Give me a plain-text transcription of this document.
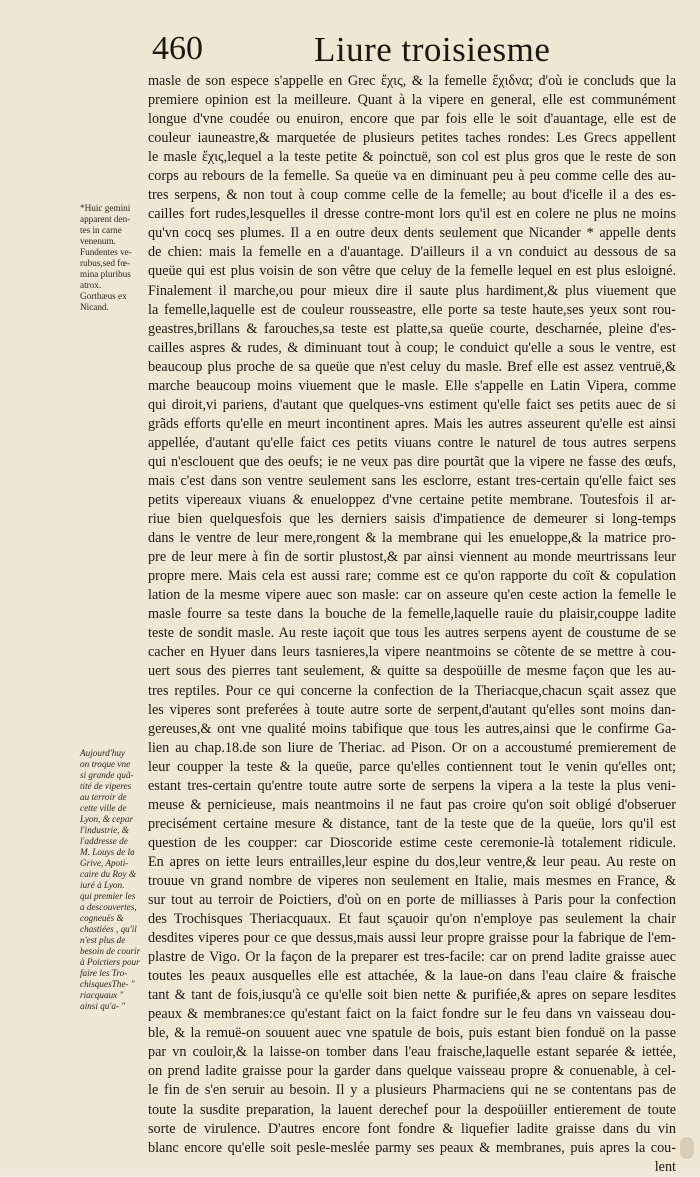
460	Liure troisiesme
*Huic gemini
apparent den-
tes in carne
venenum.
Fundentes ve-
rubus,sed fœ-
mina pluribus
atrox.
Gorthæus ex
Nicand.
Aujourd'huy
on troque vne
si grande quã-
tité de viperes
au terroir de
cette ville de
Lyon, & cepar
l'industrie, &
l'addresse de
M. Louys de la
Grive, Apoti-
caire du Roy &
iuré à Lyon.
qui premier les
a descouvertes,
cogneuës &
chastiées , qu'il
n'est plus de
besoin de courir
à Poictiers pour
faire les Tro-
chisquesThe- "
riacquaux "
ainsi qu'a- "

masle de son espece s'appelle en Grec ἔχις, & la femelle ἔχιδνα; d'où ie concluds que la
premiere opinion est la meilleure. Quant à la vipere en general, elle est communément
longue d'vne coudée ou enuiron, encore que par fois elle le soit d'auantage, elle est de
couleur iauneastre,& marquetée de plusieurs petites taches rondes: Les Grecs appellent
le masle ἔχις,lequel a la teste petite & poinctuë, son col est plus gros que le reste de son
corps au rebours de la femelle. Sa queüe va en diminuant peu à peu comme celle des au-
tres serpens, & non tout à coup comme celle de la femelle; au bout d'icelle il a des es-
cailles fort rudes,lesquelles il dresse contre-mont lors qu'il est en colere ne plus ne moins
qu'vn cocq ses plumes. Il a en outre deux dents seulement que Nicander * appelle dents
de chien: mais la femelle en a d'auantage. D'ailleurs il a vn conduict au dessous de sa
queüe qui est plus voisin de son vêtre que celuy de la femelle lequel en est plus esloigné.
Finalement il marche,ou pour mieux dire il saute plus hardiment,& plus viuement que
la femelle,laquelle est de couleur rousseastre, elle porte sa teste haute,ses yeux sont rou-
geastres,brillans & farouches,sa teste est platte,sa queüe courte, descharnée, pleine d'es-
cailles aspres & rudes, & diminuant tout à coup; le conduict qu'elle a sous le ventre, est
beaucoup plus proche de sa queüe que n'est celuy du masle. Bref elle est assez ventruë,&
marche beaucoup moins viuement que le masle. Elle s'appelle en Latin Vipera, comme
qui diroit,vi pariens, d'autant que quelques-vns estiment qu'elle faict ses petits auec de si
grãds efforts qu'elle en meurt incontinent apres. Mais les autres asseurent qu'elle est ainsi
appellée, d'autant qu'elle faict ces petits viuans contre le naturel de tous autres serpens
qui n'esclouent que des oeufs; ie ne veux pas dire pourtãt que la vipere ne fasse des œufs,
mais c'est dans son ventre seulement sans les esclorre, estant tres-certain qu'elle faict ses
petits vipereaux viuans & enueloppez d'vne certaine petite membrane. Toutesfois il ar-
riue bien quelquesfois que les derniers saisis d'impatience de demeurer si long-temps
dans le ventre de leur mere,rongent & la membrane qui les enueloppe,& la matrice pro-
pre de leur mere à fin de sortir plustost,& par ainsi viennent au monde meurtrissans leur
propre mere. Mais cela est aussi rare; comme est ce qu'on rapporte du coït & copulation
lation de la mesme vipere auec son masle: car on asseure qu'en ceste action la femelle le
masle fourre sa teste dans la bouche de la femelle,laquelle rauie du plaisir,couppe ladite
teste de sondit masle. Au reste iaçoit que tous les autres serpens ayent de coustume de se
cacher en Hyuer dans leurs tasnieres,la vipere neantmoins se cõtente de se mettre à cou-
uert sous des pierres tant seulement, & quitte sa despoüille de mesme façon que les au-
tres reptiles. Pour ce qui concerne la confection de la Theriacque,chacun sçait assez que
les viperes sont preferées à toute autre sorte de serpent,d'autant qu'elles sont moins dan-
gereuses,& ont vne qualité moins tabifique que tous les autres,ainsi que le confirme Ga-
lien au chap.18.de son liure de Theriac. ad Pison. Or on a accoustumé premierement de
leur coupper la teste & la queüe, parce qu'elles contiennent tout le venin qu'elles ont;
estant tres-certain qu'entre toute autre sorte de serpens la vipera a la teste la plus veni-
meuse & pernicieuse, mais neantmoins il ne faut pas croire qu'on soit obligé d'obseruer
precisément certaine mesure & distance, tant de la teste que de la queüe, lors qu'il est
question de les coupper: car Dioscoride estime ceste ceremonie-là totalement ridicule.
En apres on iette leurs entrailles,leur espine du dos,leur ventre,& leur peau. Au reste on
trouue vn grand nombre de viperes non seulement en Italie, mais mesmes en France, &
sur tout au terroir de Poictiers, d'où on en porte de milliasses à Paris pour la confection
des Trochisques Theriacquaux. Et faut sçauoir qu'on n'employe pas seulement la chair
desdites viperes pour ce que dessus,mais aussi leur propre graisse pour la fabrique de l'em-
plastre de Vigo. Or la façon de la preparer est tres-facile: car on prend ladite graisse auec
toutes les peaux ausquelles elle est attachée, & la laue-on dans l'eau claire & fraische
tant & tant de fois,iusqu'à ce qu'elle soit bien nette & purifiée,& apres on separe lesdites
peaux & membranes:ce qu'estant faict on la faict fondre sur le feu dans vn vaisseau dou-
ble, & la remuë-on souuent auec vne spatule de bois, puis estant bien fonduë on la passe
par vn couloir,& la laisse-on tomber dans l'eau fraische,laquelle estant separée & iettée,
on prend ladite graisse pour la garder dans quelque vaisseau propre & conuenable, à cel-
le fin de s'en seruir au besoin. Il y a plusieurs Pharmaciens qui ne se contentans pas de
toute la susdite preparation, la lauent derechef pour la despoüiller entierement de toute
sorte de virulence. D'autres encore font fondre & liquefier ladite graisse dans du vin
blanc encore qu'elle soit pesle-meslée parmy ses peaux & membranes, puis apres la cou-
lent
